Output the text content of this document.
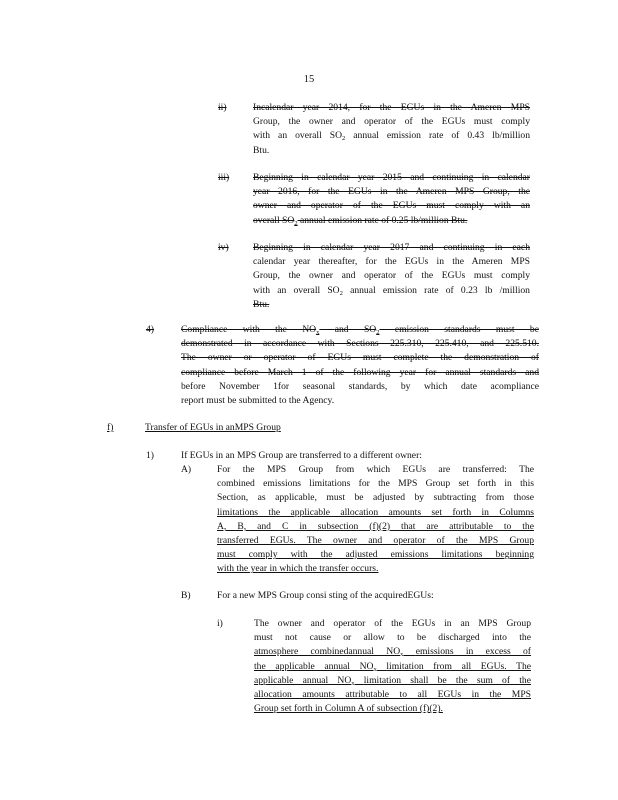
15
ii)	Incalendar year 2014, for the EGUs in the Ameren MPS
Group, the owner and operator of the EGUs must comply
with an overall $SO_2$ annual emission rate of 0.43 lb/million
Btu.
iii) Beginning in calendar year 2015 and continuing in calendar
year 2016, for the EGUs in the Ameren MPS Group, the
owner and operator of the EGUs must comply with an
overall $SO_2$ annual emission rate of 0.25 lb/million Btu.
iv)	Beginning in calendar year 2017 and continuing in each
calendar year thereafter, for the EGUs in the Ameren MPS
Group, the owner and operator of the EGUs must comply
with an overall $SO_2$ annual emission rate of 0.23 lb /million
Btu.
4)	Compliance with the $NO_x$ and $SO_2$ emission standards must be
demonstrated in accordance with Sections 225.310, 225.410, and 225.510.
The owner or operator of EGUs must complete the demonstration of
compliance before March 1 of the following year for annual standards and
before November 1for seasonal standards, by which date acompliance
report must be submitted to the Agency.
f)	Transfer of EGUs in anMPS Group
1)	If EGUs in an MPS Group are transferred to a different owner:
A)	For the MPS Group from which EGUs are transferred: The
combined emissions limitations for the MPS Group set forth in this
Section, as applicable, must be adjusted by subtracting from those
limitations the applicable allocation amounts set forth in Columns
A, B, and C in subsection (f)(2) that are attributable to the
transferred EGUs. The owner and operator of the MPS Group
must comply with the adjusted emissions limitations beginning
with the year in which the transfer occurs.
B)	For a new MPS Group consi sting of the acquiredEGUs:
i)	The owner and operator of the EGUs in an MPS Group
must not cause or allow to be discharged into the
atmosphere combinedannual $NO_x$ emissions in excess of
the applicable annual $NO_x$ limitation from all EGUs. The
applicable annual $NO_x$ limitation shall be the sum of the
allocation amounts attributable to all EGUs in the MPS
Group set forth in Column A of subsection (f)(2).
